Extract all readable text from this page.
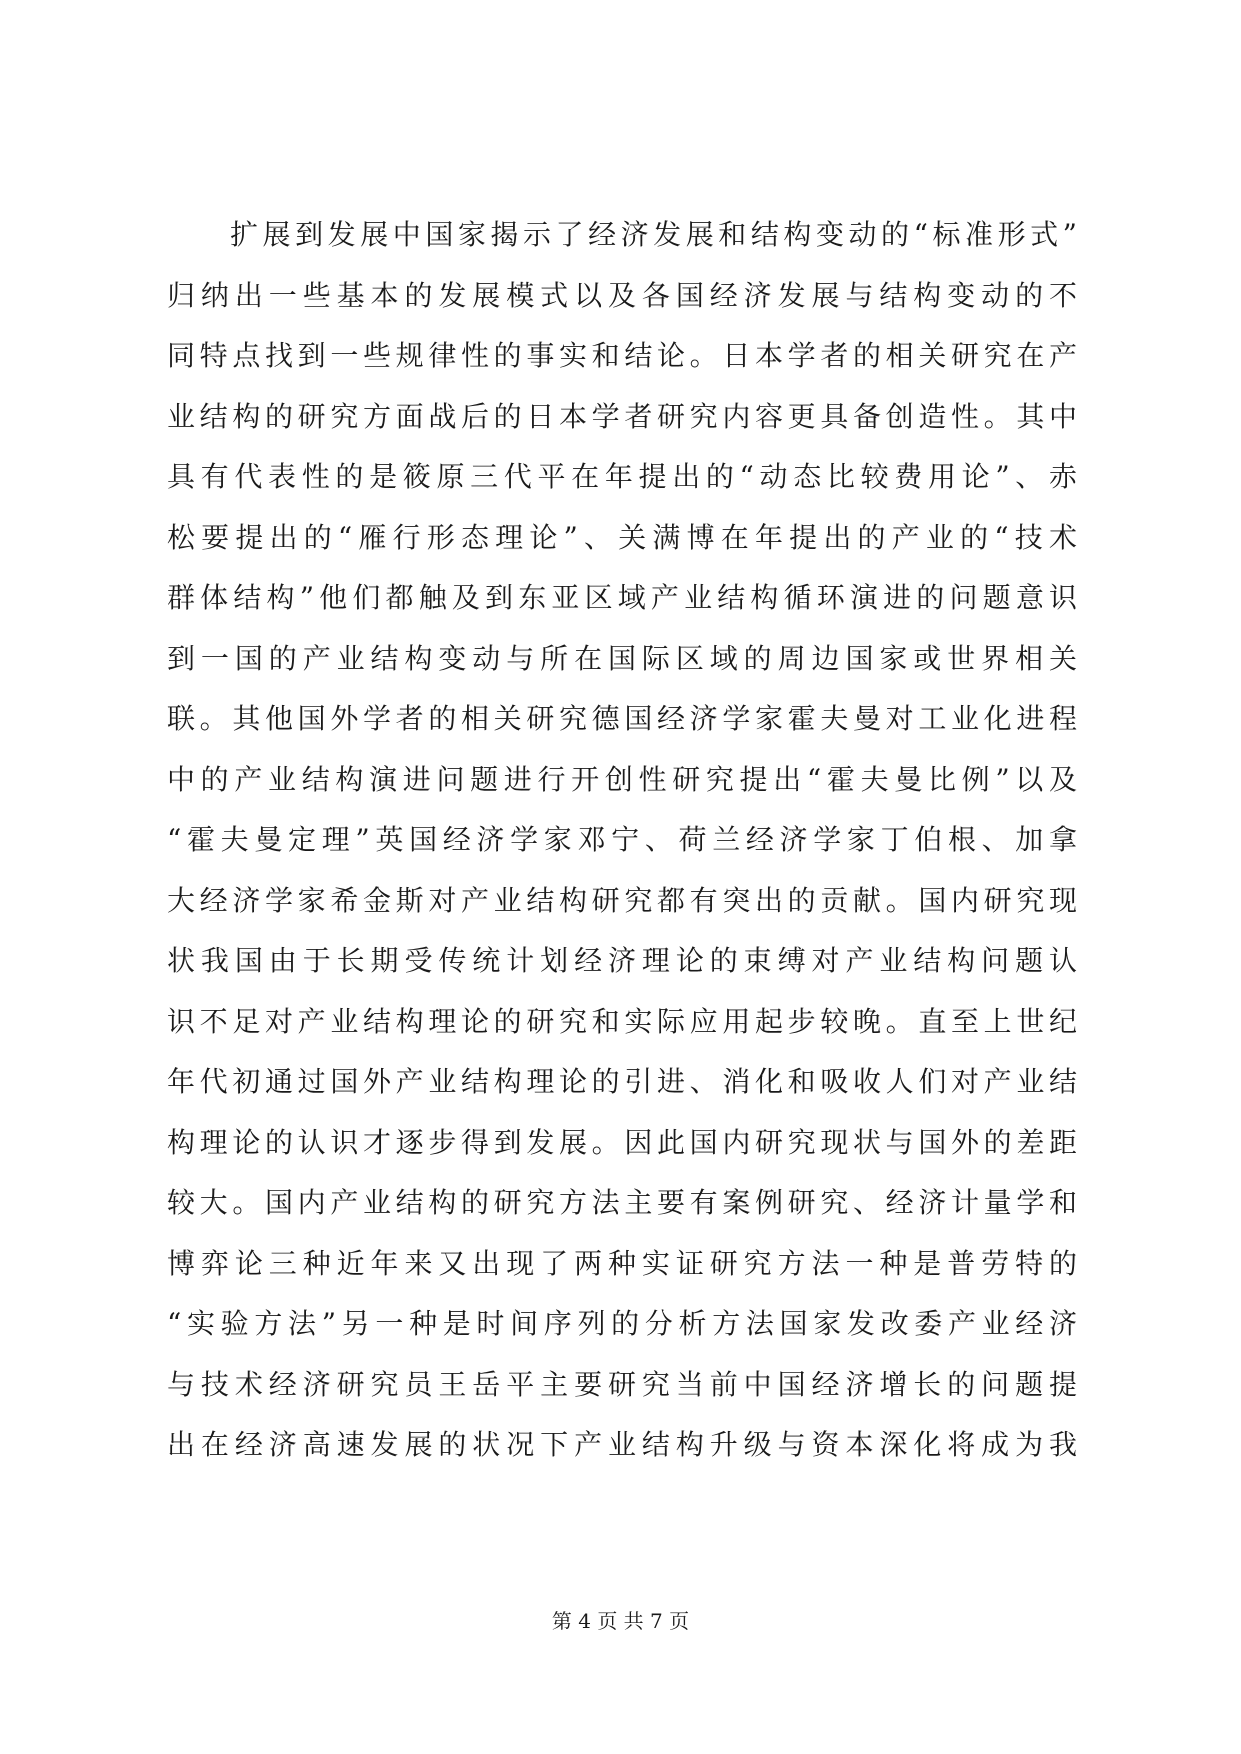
扩展到发展中国家揭示了经济发展和结构变动的“标准形式”
归纳出一些基本的发展模式以及各国经济发展与结构变动的不
同特点找到一些规律性的事实和结论。日本学者的相关研究在产
业结构的研究方面战后的日本学者研究内容更具备创造性。其中
具有代表性的是筱原三代平在年提出的“动态比较费用论”、赤
松要提出的“雁行形态理论”、关满博在年提出的产业的“技术
群体结构”他们都触及到东亚区域产业结构循环演进的问题意识
到一国的产业结构变动与所在国际区域的周边国家或世界相关
联。其他国外学者的相关研究德国经济学家霍夫曼对工业化进程
中的产业结构演进问题进行开创性研究提出“霍夫曼比例”以及
“霍夫曼定理”英国经济学家邓宁、荷兰经济学家丁伯根、加拿
大经济学家希金斯对产业结构研究都有突出的贡献。国内研究现
状我国由于长期受传统计划经济理论的束缚对产业结构问题认
识不足对产业结构理论的研究和实际应用起步较晚。直至上世纪
年代初通过国外产业结构理论的引进、消化和吸收人们对产业结
构理论的认识才逐步得到发展。因此国内研究现状与国外的差距
较大。国内产业结构的研究方法主要有案例研究、经济计量学和
博弈论三种近年来又出现了两种实证研究方法一种是普劳特的
“实验方法”另一种是时间序列的分析方法国家发改委产业经济
与技术经济研究员王岳平主要研究当前中国经济增长的问题提
出在经济高速发展的状况下产业结构升级与资本深化将成为我
第 4 页 共 7 页
